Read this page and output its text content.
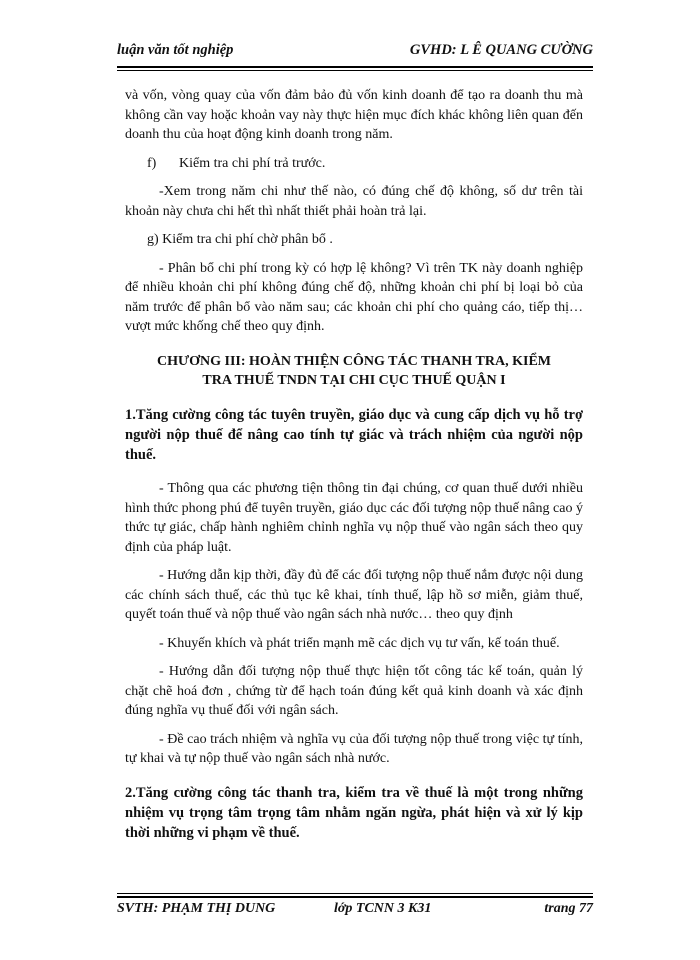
luận văn tốt nghiệp	GVHD: L Ê QUANG CƯỜNG

và vốn, vòng quay của vốn đảm bảo đủ vốn kinh doanh để tạo ra doanh thu mà không cần vay hoặc khoản vay này thực hiện mục đích khác không liên quan đến doanh thu của hoạt động kinh doanh trong năm.

f) Kiểm tra chi phí trả trước.

-Xem trong năm chi như thế nào, có đúng chế độ không, số dư trên tài khoản này chưa chi hết thì nhất thiết phải hoàn trả lại.

g) Kiểm tra chi phí chờ phân bổ .

- Phân bổ chi phí trong kỳ có hợp lệ không? Vì trên TK này doanh nghiệp để nhiều khoản chi phí không đúng chế độ, những khoản chi phí bị loại bỏ của năm trước để phân bổ vào năm sau; các khoản chi phí cho quảng cáo, tiếp thị… vượt mức khống chế theo quy định.

CHƯƠNG III: HOÀN THIỆN CÔNG TÁC THANH TRA, KIỂM TRA THUẾ TNDN TẠI CHI CỤC THUẾ QUẬN I

1.Tăng cường công tác tuyên truyền, giáo dục và cung cấp dịch vụ hỗ trợ người nộp thuế để nâng cao tính tự giác và trách nhiệm của người nộp thuế.

- Thông qua các phương tiện thông tin đại chúng, cơ quan thuế dưới nhiều hình thức phong phú để tuyên truyền, giáo dục các đối tượng nộp thuế nâng cao ý thức tự giác, chấp hành nghiêm chỉnh nghĩa vụ nộp thuế vào ngân sách theo quy định của pháp luật.

- Hướng dẫn kịp thời, đầy đủ để các đối tượng nộp thuế nắm được nội dung các chính sách thuế, các thủ tục kê khai, tính thuế, lập hồ sơ miễn, giảm thuế, quyết toán thuế và nộp thuế vào ngân sách nhà nước… theo quy định

- Khuyến khích và phát triển mạnh mẽ các dịch vụ tư vấn, kế toán thuế.

- Hướng dẫn đối tượng nộp thuế thực hiện tốt công tác kế toán, quản lý chặt chẽ hoá đơn , chứng từ để hạch toán đúng kết quả kinh doanh và xác định đúng nghĩa vụ thuế đối với ngân sách.

- Đề cao trách nhiệm và nghĩa vụ của đối tượng nộp thuế trong việc tự tính, tự khai và tự nộp thuế vào ngân sách nhà nước.

2.Tăng cường công tác thanh tra, kiểm tra về thuế là một trong những nhiệm vụ trọng tâm trọng tâm nhằm ngăn ngừa, phát hiện và xử lý kịp thời những vi phạm về thuế.

SVTH: PHẠM THỊ DUNG	lớp TCNN 3 K31	trang 77
